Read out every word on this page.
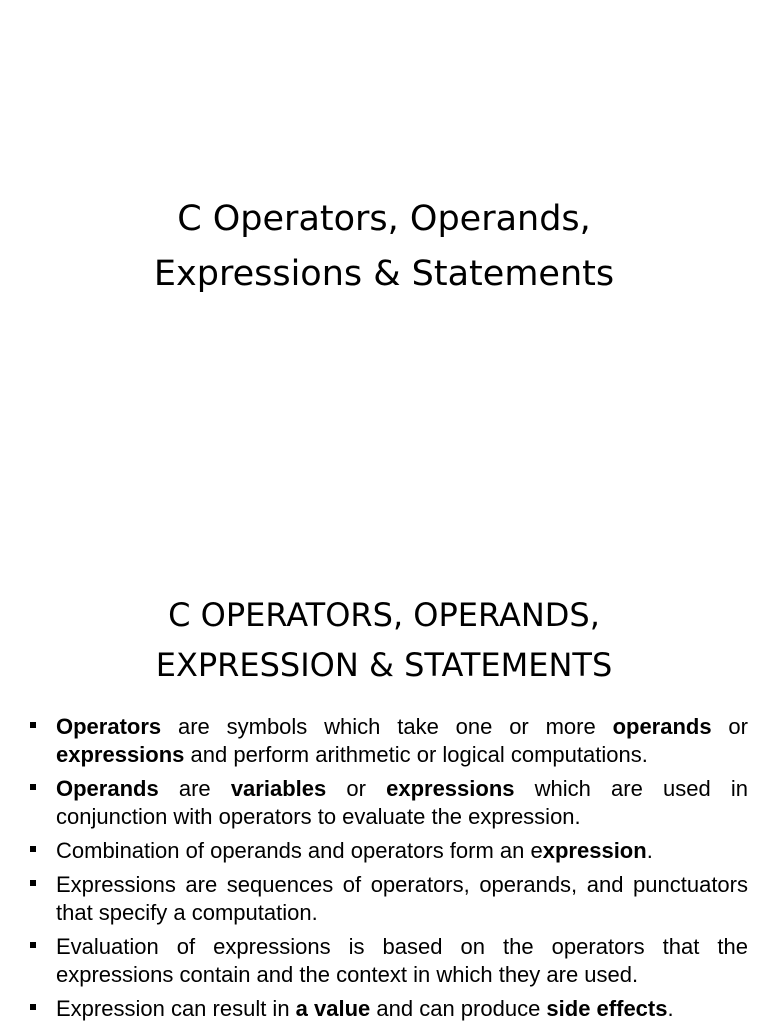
C Operators, Operands,
Expressions & Statements
C OPERATORS, OPERANDS,
EXPRESSION & STATEMENTS
Operators are symbols which take one or more operands or expressions and perform arithmetic or logical computations.
Operands are variables or expressions which are used in conjunction with operators to evaluate the expression.
Combination of operands and operators form an expression.
Expressions are sequences of operators, operands, and punctuators that specify a computation.
Evaluation of expressions is based on the operators that the expressions contain and the context in which they are used.
Expression can result in a value and can produce side effects.
